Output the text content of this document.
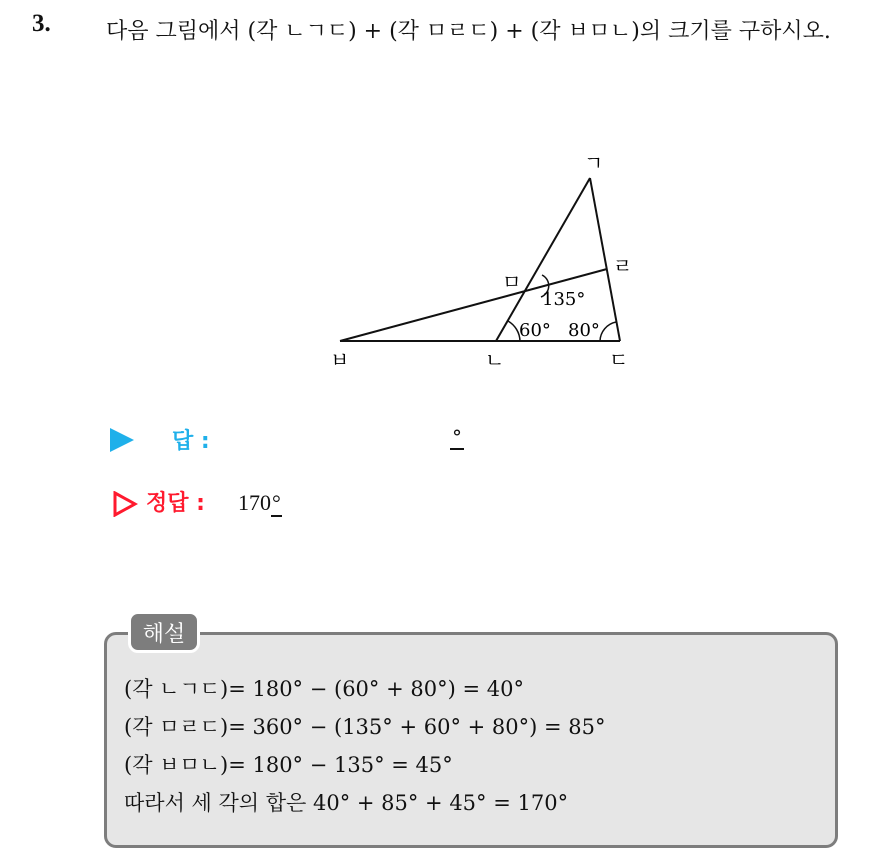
3.	다음 그림에서 (각 ㄴㄱㄷ) + (각 ㅁㄹㄷ) + (각 ㅂㅁㄴ)의 크기를 구하시오.
ㄱ
ㄹ
ㅁ
ㅂ	ㄴ	ㄷ
135°
60° 80°
답 :	°
정답 : 170°
해설
(각 ㄴㄱㄷ)= 180° − (60° + 80°) = 40°
(각 ㅁㄹㄷ)= 360° − (135° + 60° + 80°) = 85°
(각 ㅂㅁㄴ)= 180° − 135° = 45°
따라서 세 각의 합은 40° + 85° + 45° = 170°
